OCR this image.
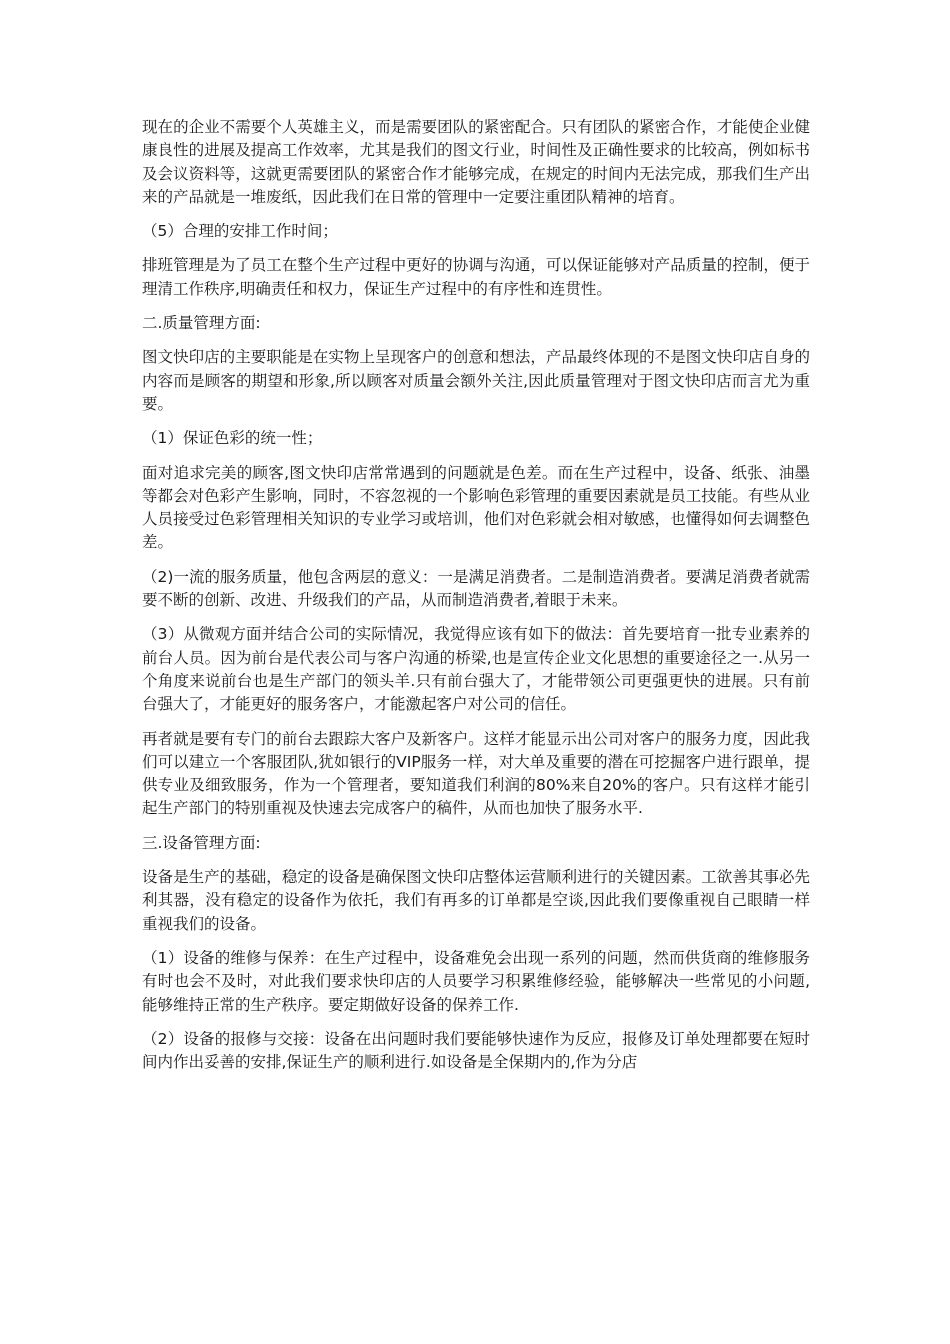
现在的企业不需要个人英雄主义，而是需要团队的紧密配合。只有团队的紧密合作，才能使企业健康良性的进展及提高工作效率，尤其是我们的图文行业，时间性及正确性要求的比较高，例如标书及会议资料等，这就更需要团队的紧密合作才能够完成，在规定的时间内无法完成，那我们生产出来的产品就是一堆废纸，因此我们在日常的管理中一定要注重团队精神的培育。

（5）合理的安排工作时间；

排班管理是为了员工在整个生产过程中更好的协调与沟通，可以保证能够对产品质量的控制，便于理清工作秩序,明确责任和权力，保证生产过程中的有序性和连贯性。

二.质量管理方面:

图文快印店的主要职能是在实物上呈现客户的创意和想法，产品最终体现的不是图文快印店自身的内容而是顾客的期望和形象,所以顾客对质量会额外关注,因此质量管理对于图文快印店而言尤为重要。

（1）保证色彩的统一性；

面对追求完美的顾客,图文快印店常常遇到的问题就是色差。而在生产过程中，设备、纸张、油墨等都会对色彩产生影响，同时，不容忽视的一个影响色彩管理的重要因素就是员工技能。有些从业人员接受过色彩管理相关知识的专业学习或培训，他们对色彩就会相对敏感，也懂得如何去调整色差。

（2)一流的服务质量，他包含两层的意义：一是满足消费者。二是制造消费者。要满足消费者就需要不断的创新、改进、升级我们的产品，从而制造消费者,着眼于未来。

（3）从微观方面并结合公司的实际情况，我觉得应该有如下的做法：首先要培育一批专业素养的前台人员。因为前台是代表公司与客户沟通的桥梁,也是宣传企业文化思想的重要途径之一.从另一个角度来说前台也是生产部门的领头羊.只有前台强大了，才能带领公司更强更快的进展。只有前台强大了，才能更好的服务客户，才能激起客户对公司的信任。

再者就是要有专门的前台去跟踪大客户及新客户。这样才能显示出公司对客户的服务力度，因此我们可以建立一个客服团队,犹如银行的VIP服务一样，对大单及重要的潜在可挖掘客户进行跟单，提供专业及细致服务，作为一个管理者，要知道我们利润的80%来自20%的客户。只有这样才能引起生产部门的特别重视及快速去完成客户的稿件，从而也加快了服务水平.

三.设备管理方面:

设备是生产的基础，稳定的设备是确保图文快印店整体运营顺利进行的关键因素。工欲善其事必先利其器，没有稳定的设备作为依托，我们有再多的订单都是空谈,因此我们要像重视自己眼睛一样重视我们的设备。

（1）设备的维修与保养：在生产过程中，设备难免会出现一系列的问题，然而供货商的维修服务有时也会不及时，对此我们要求快印店的人员要学习积累维修经验，能够解决一些常见的小问题,能够维持正常的生产秩序。要定期做好设备的保养工作.

（2）设备的报修与交接：设备在出问题时我们要能够快速作为反应，报修及订单处理都要在短时间内作出妥善的安排,保证生产的顺利进行.如设备是全保期内的,作为分店
